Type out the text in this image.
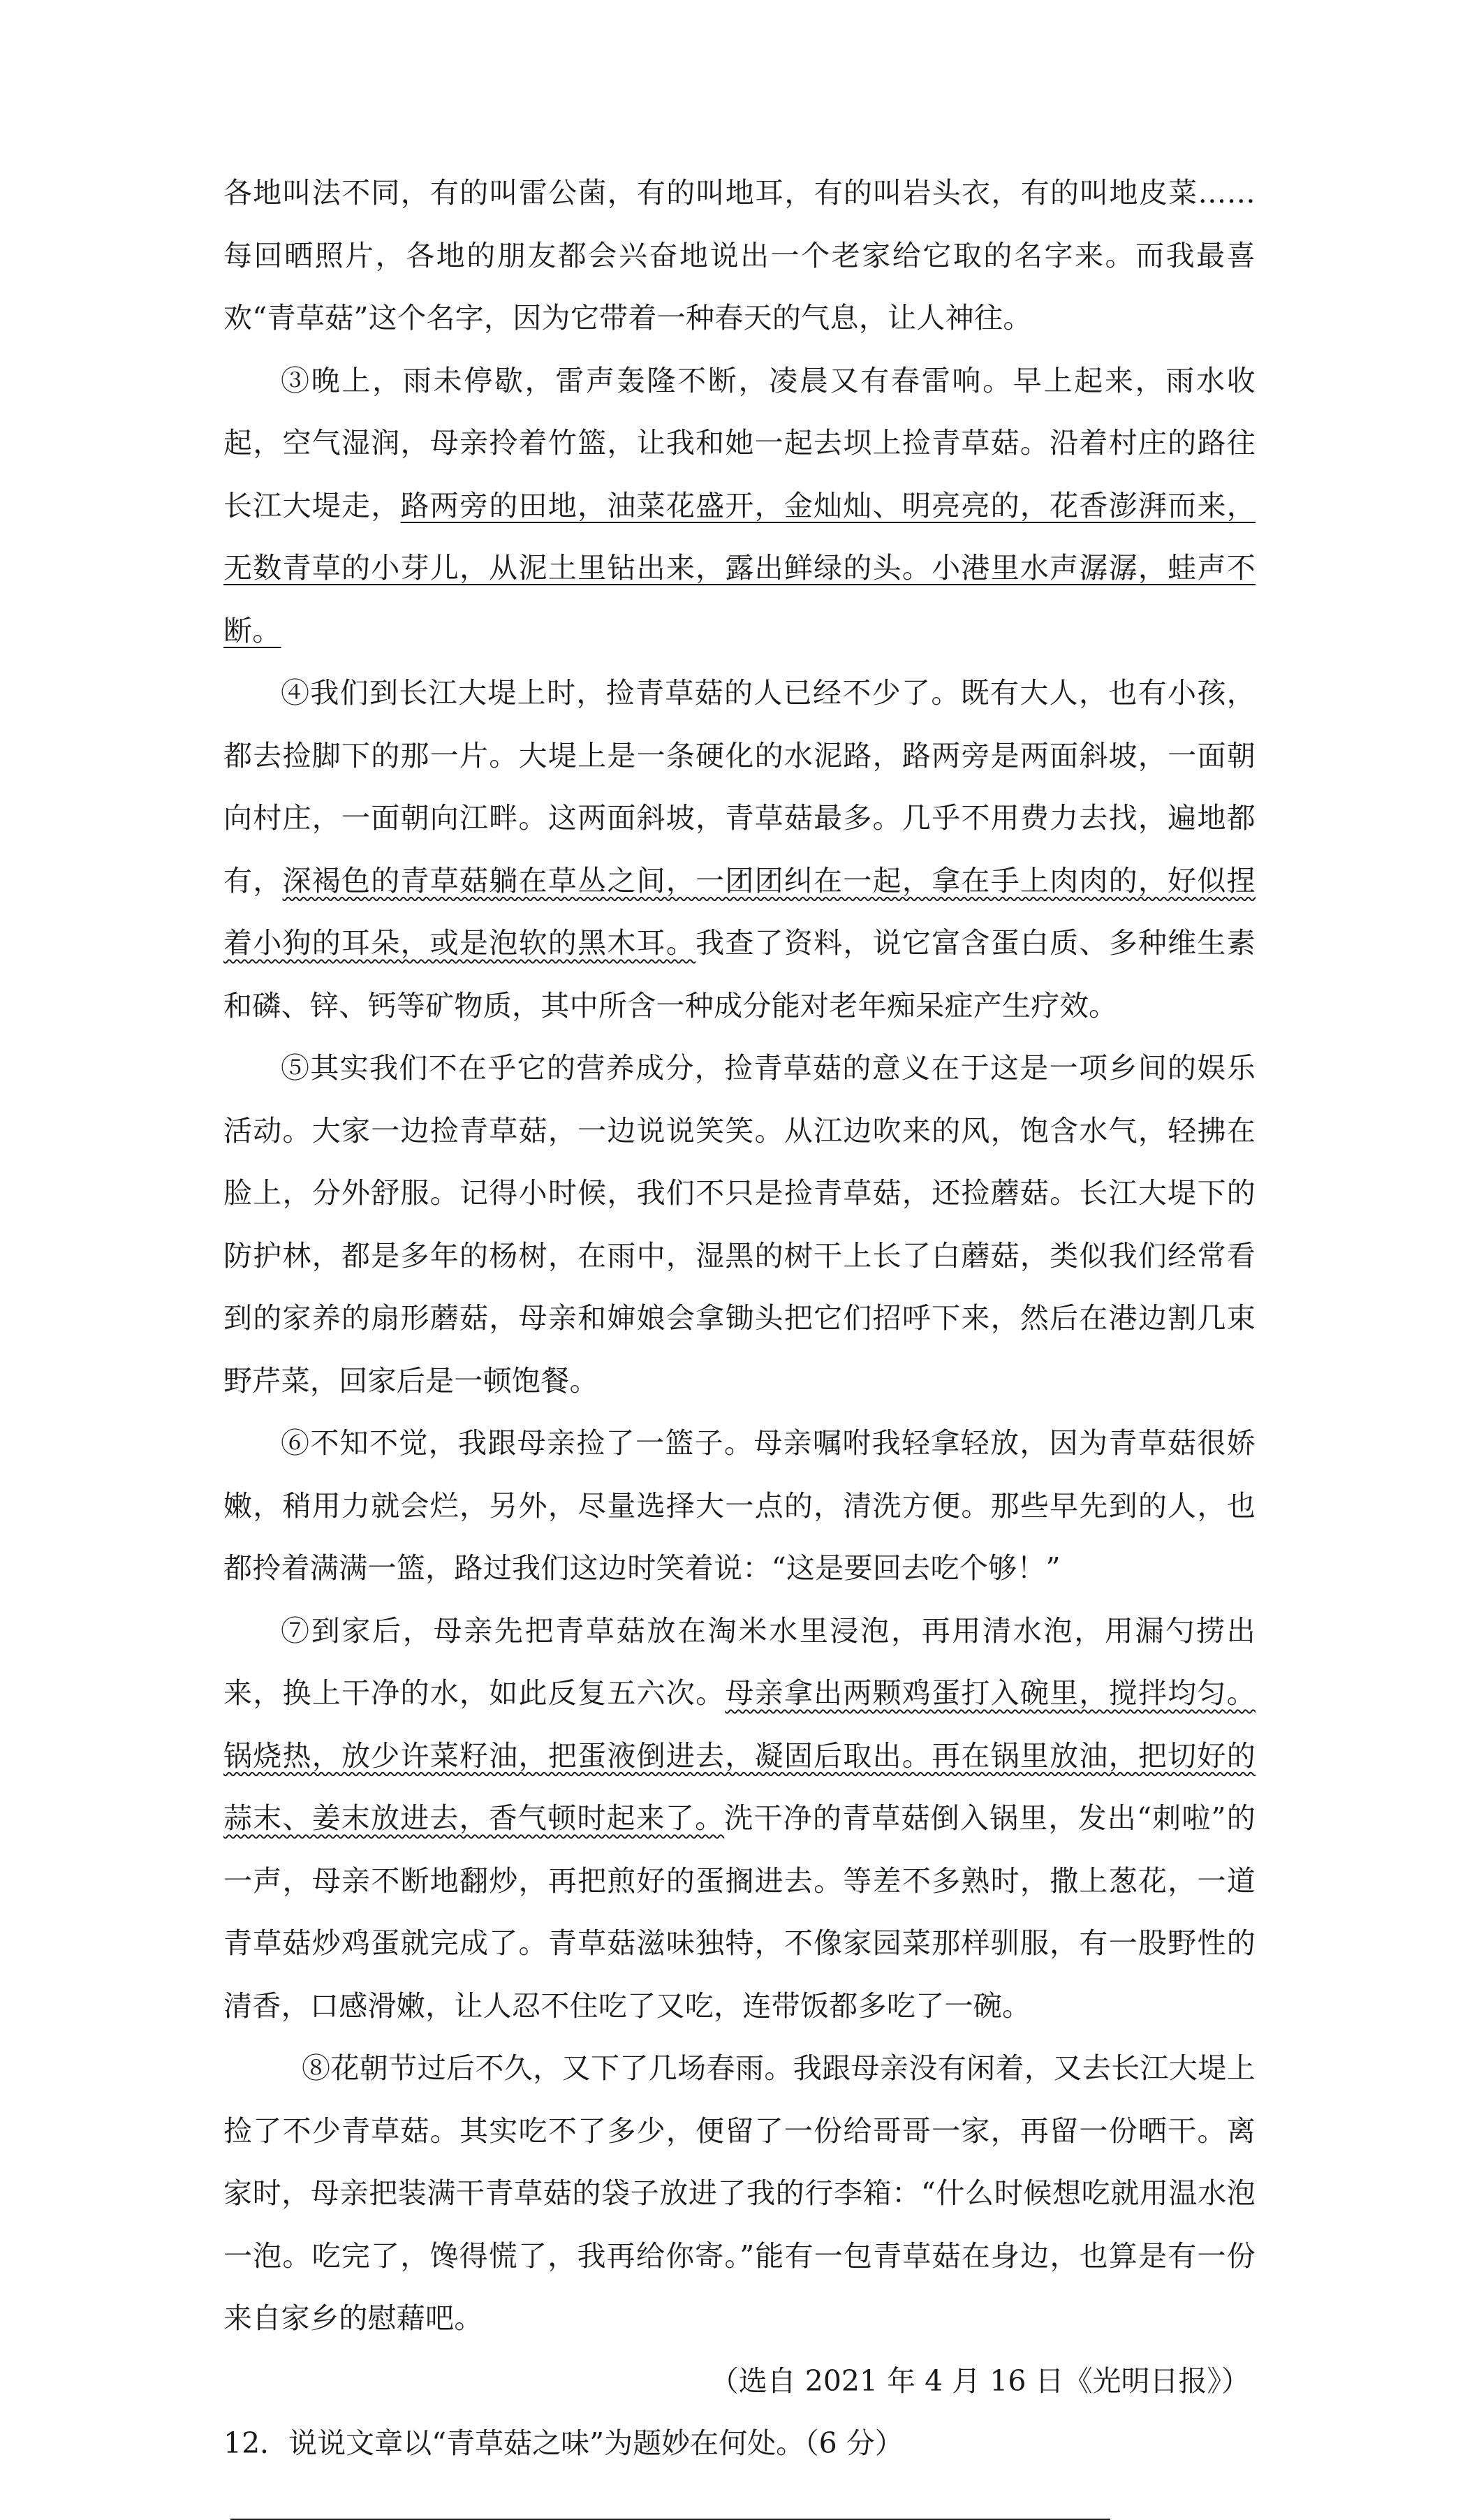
各地叫法不同，有的叫雷公菌，有的叫地耳，有的叫岩头衣，有的叫地皮菜……每回晒照片，各地的朋友都会兴奋地说出一个老家给它取的名字来。而我最喜欢“青草菇”这个名字，因为它带着一种春天的气息，让人神往。

③晚上，雨未停歇，雷声轰隆不断，凌晨又有春雷响。早上起来，雨水收起，空气湿润，母亲拎着竹篮，让我和她一起去坝上捡青草菇。沿着村庄的路往长江大堤走，路两旁的田地，油菜花盛开，金灿灿、明亮亮的，花香澎湃而来，无数青草的小芽儿，从泥土里钻出来，露出鲜绿的头。小港里水声潺潺，蛙声不断。

④我们到长江大堤上时，捡青草菇的人已经不少了。既有大人，也有小孩，都去捡脚下的那一片。大堤上是一条硬化的水泥路，路两旁是两面斜坡，一面朝向村庄，一面朝向江畔。这两面斜坡，青草菇最多。几乎不用费力去找，遍地都有，深褐色的青草菇躺在草丛之间，一团团纠在一起，拿在手上肉肉的，好似捏着小狗的耳朵，或是泡软的黑木耳。我查了资料，说它富含蛋白质、多种维生素和磷、锌、钙等矿物质，其中所含一种成分能对老年痴呆症产生疗效。

⑤其实我们不在乎它的营养成分，捡青草菇的意义在于这是一项乡间的娱乐活动。大家一边捡青草菇，一边说说笑笑。从江边吹来的风，饱含水气，轻拂在脸上，分外舒服。记得小时候，我们不只是捡青草菇，还捡蘑菇。长江大堤下的防护林，都是多年的杨树，在雨中，湿黑的树干上长了白蘑菇，类似我们经常看到的家养的扇形蘑菇，母亲和婶娘会拿锄头把它们招呼下来，然后在港边割几束野芹菜，回家后是一顿饱餐。

⑥不知不觉，我跟母亲捡了一篮子。母亲嘱咐我轻拿轻放，因为青草菇很娇嫩，稍用力就会烂，另外，尽量选择大一点的，清洗方便。那些早先到的人，也都拎着满满一篮，路过我们这边时笑着说：“这是要回去吃个够！”

⑦到家后，母亲先把青草菇放在淘米水里浸泡，再用清水泡，用漏勺捞出来，换上干净的水，如此反复五六次。母亲拿出两颗鸡蛋打入碗里，搅拌均匀。锅烧热，放少许菜籽油，把蛋液倒进去，凝固后取出。再在锅里放油，把切好的蒜末、姜末放进去，香气顿时起来了。洗干净的青草菇倒入锅里，发出“刺啦”的一声，母亲不断地翻炒，再把煎好的蛋搁进去。等差不多熟时，撒上葱花，一道青草菇炒鸡蛋就完成了。青草菇滋味独特，不像家园菜那样驯服，有一股野性的清香，口感滑嫩，让人忍不住吃了又吃，连带饭都多吃了一碗。

⑧花朝节过后不久，又下了几场春雨。我跟母亲没有闲着，又去长江大堤上捡了不少青草菇。其实吃不了多少，便留了一份给哥哥一家，再留一份晒干。离家时，母亲把装满干青草菇的袋子放进了我的行李箱：“什么时候想吃就用温水泡一泡。吃完了，馋得慌了，我再给你寄。”能有一包青草菇在身边，也算是有一份来自家乡的慰藉吧。

（选自 2021 年 4 月 16 日《光明日报》）

12．说说文章以“青草菇之味”为题妙在何处。（6 分）
